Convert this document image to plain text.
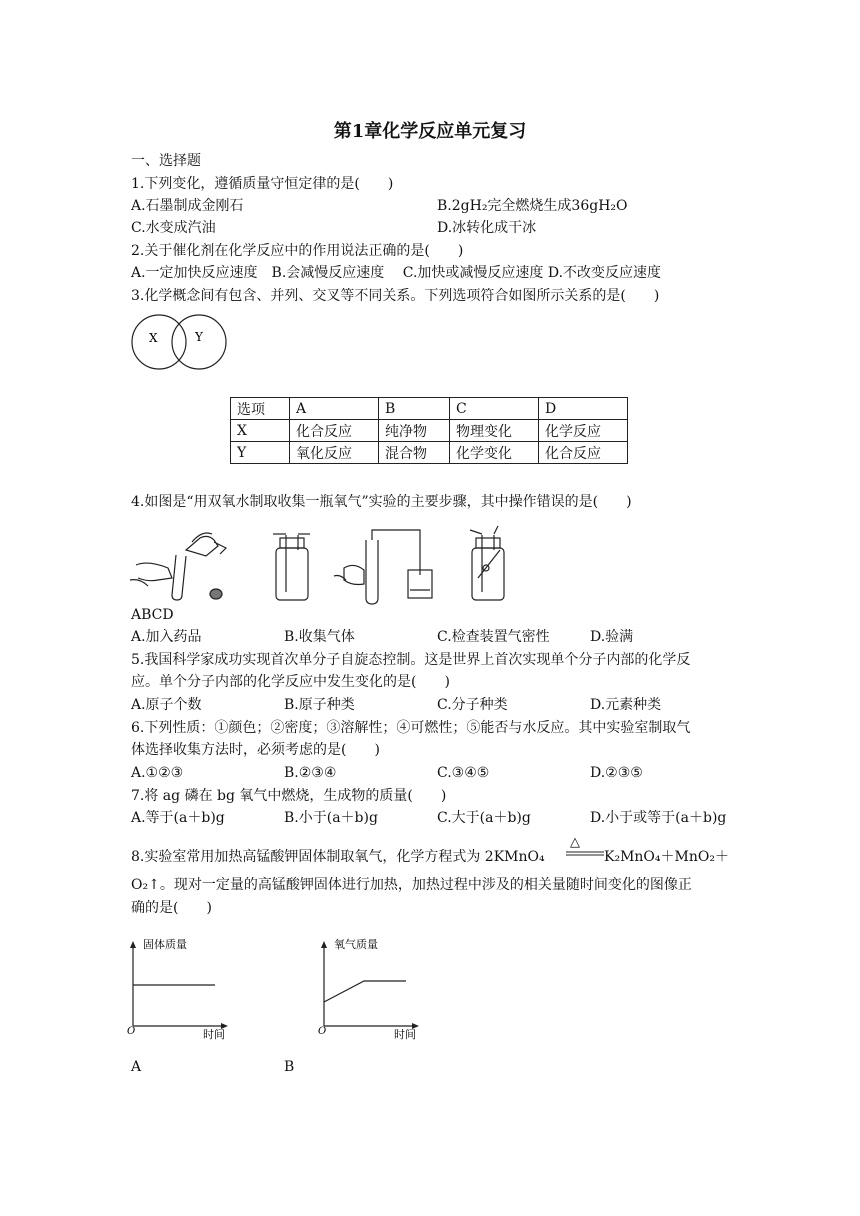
第1章化学反应单元复习
一、选择题
1.下列变化，遵循质量守恒定律的是(　　)
A.石墨制成金刚石	B.2gH₂完全燃烧生成36gH₂O
C.水变成汽油	D.冰转化成干冰
2.关于催化剂在化学反应中的作用说法正确的是(　　)
A.一定加快反应速度　B.会减慢反应速度　 C.加快或减慢反应速度 D.不改变反应速度
3.化学概念间有包含、并列、交叉等不同关系。下列选项符合如图所示关系的是(　　)
X	Y
选项	A	B	C	D
X	化合反应	纯净物	物理变化	化学反应
Y	氧化反应	混合物	化学变化	化合反应
4.如图是“用双氧水制取收集一瓶氧气”实验的主要步骤，其中操作错误的是(　　)
ABCD
A.加入药品	B.收集气体	C.检查装置气密性	D.验满
5.我国科学家成功实现首次单分子自旋态控制。这是世界上首次实现单个分子内部的化学反
应。单个分子内部的化学反应中发生变化的是(　　)
A.原子个数	B.原子种类	C.分子种类	D.元素种类
6.下列性质：①颜色；②密度；③溶解性；④可燃性；⑤能否与水反应。其中实验室制取气
体选择收集方法时，必须考虑的是(　　)
A.①②③	B.②③④	C.③④⑤	D.②③⑤
7.将 ag 磷在 bg 氧气中燃烧，生成物的质量(　　)
A.等于(a＋b)g	B.小于(a＋b)g	C.大于(a＋b)g	D.小于或等于(a＋b)g
8.实验室常用加热高锰酸钾固体制取氧气，化学方程式为 2KMnO₄
△
K₂MnO₄＋MnO₂＋
O₂↑。现对一定量的高锰酸钾固体进行加热，加热过程中涉及的相关量随时间变化的图像正
确的是(　　)
固体质量
时间
O
氧气质量
时间
O
A	B
